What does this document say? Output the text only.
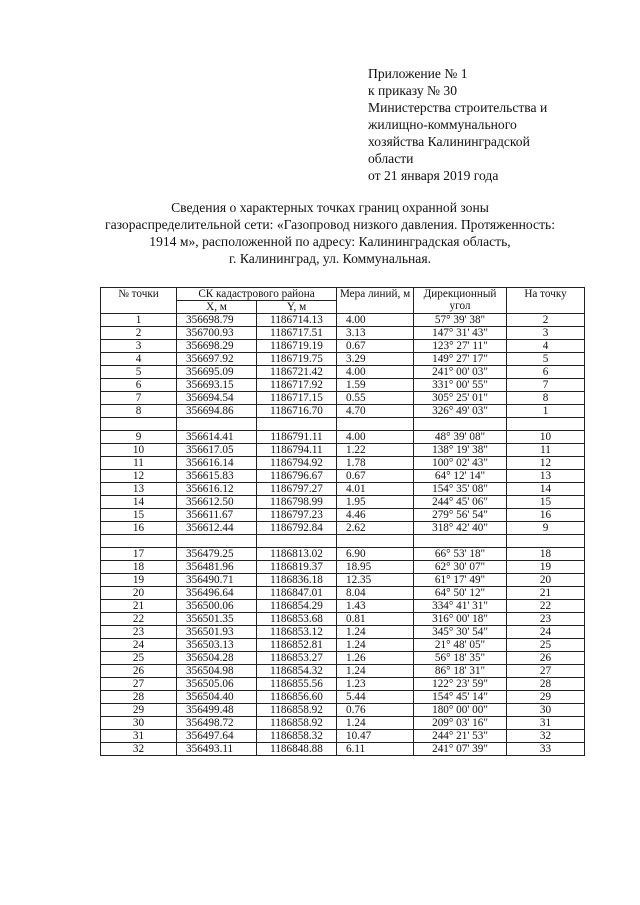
Приложение № 1
к приказу № 30
Министерства строительства и
жилищно-коммунального
хозяйства Калининградской
области
от 21 января 2019 года
Сведения о характерных точках границ охранной зоны
газораспределительной сети: «Газопровод низкого давления. Протяженность:
1914 м», расположенной по адресу: Калининградская область,
г. Калининград, ул. Коммунальная.
№ точки	СК кадастрового района		Мера линий, м	Дирекционный угол	На точку
	X, м	Y, м			
1	356698.79	1186714.13	4.00	57° 39' 38"	2
2	356700.93	1186717.51	3.13	147° 31' 43"	3
3	356698.29	1186719.19	0.67	123° 27' 11"	4
4	356697.92	1186719.75	3.29	149° 27' 17"	5
5	356695.09	1186721.42	4.00	241° 00' 03"	6
6	356693.15	1186717.92	1.59	331° 00' 55"	7
7	356694.54	1186717.15	0.55	305° 25' 01"	8
8	356694.86	1186716.70	4.70	326° 49' 03"	1

9	356614.41	1186791.11	4.00	48° 39' 08"	10
10	356617.05	1186794.11	1.22	138° 19' 38"	11
11	356616.14	1186794.92	1.78	100° 02' 43"	12
12	356615.83	1186796.67	0.67	64° 12' 14"	13
13	356616.12	1186797.27	4.01	154° 35' 08"	14
14	356612.50	1186798.99	1.95	244° 45' 06"	15
15	356611.67	1186797.23	4.46	279° 56' 54"	16
16	356612.44	1186792.84	2.62	318° 42' 40"	9

17	356479.25	1186813.02	6.90	66° 53' 18"	18
18	356481.96	1186819.37	18.95	62° 30' 07"	19
19	356490.71	1186836.18	12.35	61° 17' 49"	20
20	356496.64	1186847.01	8.04	64° 50' 12"	21
21	356500.06	1186854.29	1.43	334° 41' 31"	22
22	356501.35	1186853.68	0.81	316° 00' 18"	23
23	356501.93	1186853.12	1.24	345° 30' 54"	24
24	356503.13	1186852.81	1.24	21° 48' 05"	25
25	356504.28	1186853.27	1.26	56° 18' 35"	26
26	356504.98	1186854.32	1.24	86° 18' 31"	27
27	356505.06	1186855.56	1.23	122° 23' 59"	28
28	356504.40	1186856.60	5.44	154° 45' 14"	29
29	356499.48	1186858.92	0.76	180° 00' 00"	30
30	356498.72	1186858.92	1.24	209° 03' 16"	31
31	356497.64	1186858.32	10.47	244° 21' 53"	32
32	356493.11	1186848.88	6.11	241° 07' 39"	33
